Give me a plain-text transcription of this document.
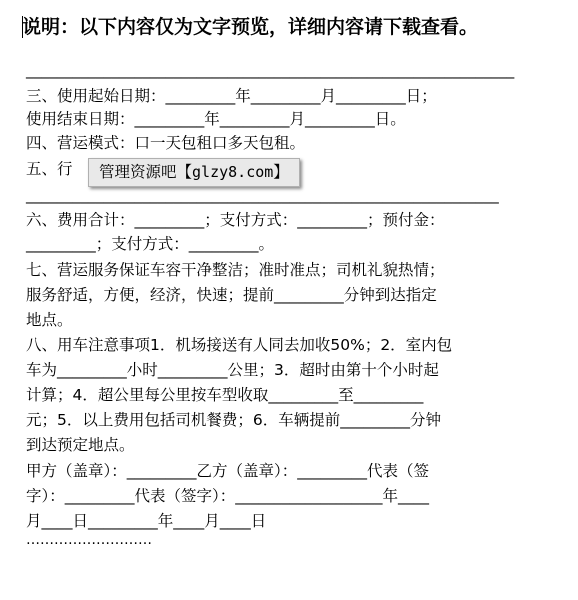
说明：以下内容仅为文字预览，详细内容请下载查看。
_______________________________________________________________
三、使用起始日期：_________年_________月_________日；
使用结束日期：_________年_________月_________日。
四、营运模式：口一天包租口多天包租。
五、行	管理资源吧【glzy8.com】
_____________________________________________________________
六、费用合计：_________；支付方式：_________；预付金：
_________；支付方式：_________。
七、营运服务保证车容干净整洁；准时准点；司机礼貌热情；
服务舒适，方便，经济，快速；提前_________分钟到达指定
地点。
八、用车注意事项1．机场接送有人同去加收50%；2．室内包
车为_________小时_________公里；3．超时由第十个小时起
计算；4．超公里每公里按车型收取_________至_________
元；5．以上费用包括司机餐费；6．车辆提前_________分钟
到达预定地点。
甲方（盖章）：_________乙方（盖章）：_________代表（签
字）：_________代表（签字）：___________________年____
月____日_________年____月____日
………………………
